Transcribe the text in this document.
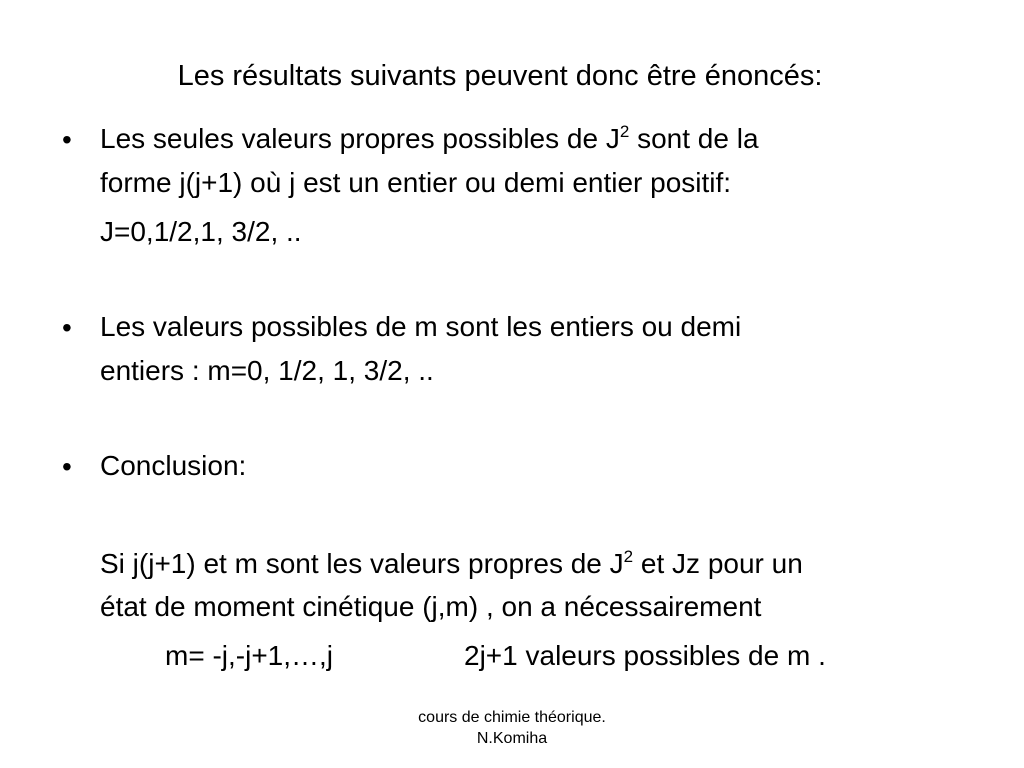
Les résultats suivants peuvent donc être énoncés:
• Les seules valeurs propres possibles de $J^2$ sont de la
forme j(j+1) où j est un entier ou demi entier positif:
J=0,1/2,1, 3/2, ..
• Les valeurs possibles de m sont les entiers ou demi
entiers : m=0, 1/2, 1, 3/2, ..
• Conclusion:
Si j(j+1) et m sont les valeurs propres de $J^2$ et Jz pour un
état de moment cinétique (j,m) , on a nécessairement
m= -j,-j+1,…,j	2j+1 valeurs possibles de m .
cours de chimie théorique.
N.Komiha
